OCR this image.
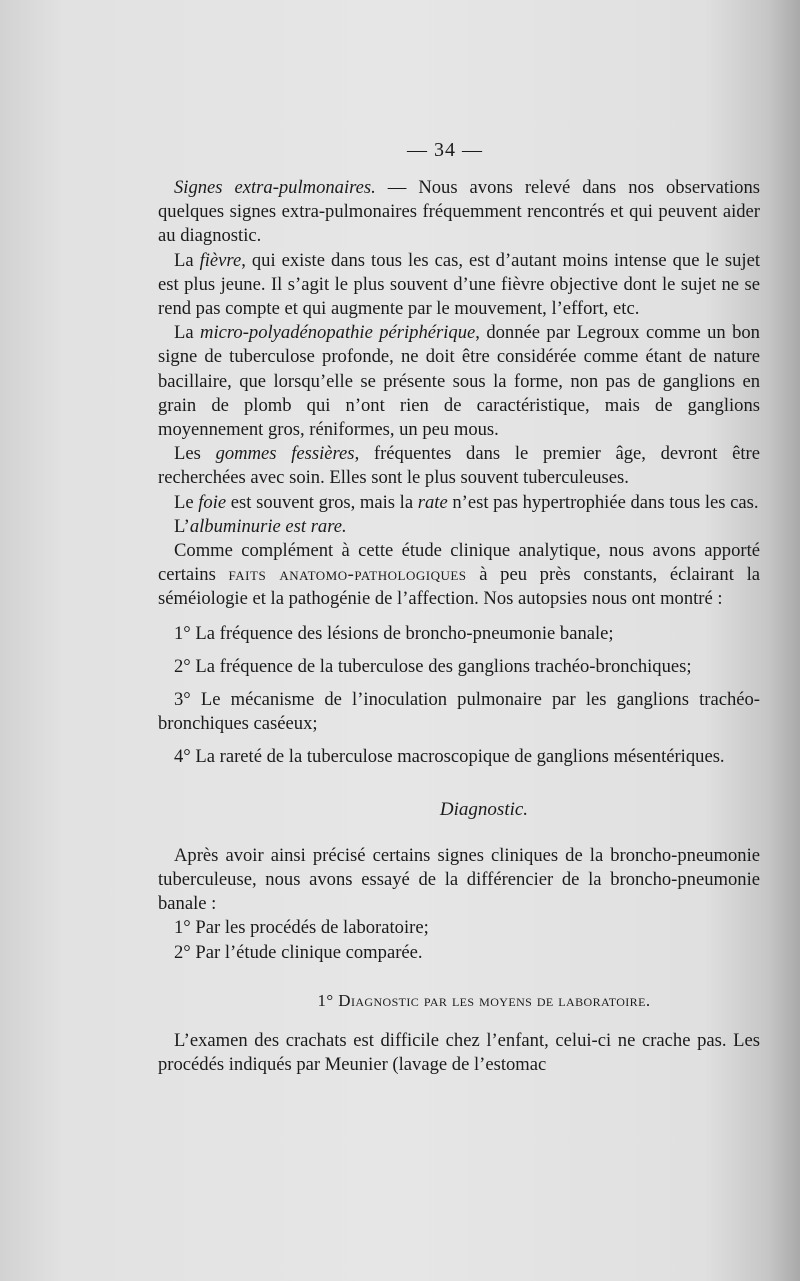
— 34 —

Signes extra-pulmonaires. — Nous avons relevé dans nos observations quelques signes extra-pulmonaires fréquemment rencontrés et qui peuvent aider au diagnostic.

La fièvre, qui existe dans tous les cas, est d’autant moins intense que le sujet est plus jeune. Il s’agit le plus souvent d’une fièvre objective dont le sujet ne se rend pas compte et qui augmente par le mouvement, l’effort, etc.

La micro-polyadénopathie périphérique, donnée par Legroux comme un bon signe de tuberculose profonde, ne doit être considérée comme étant de nature bacillaire, que lorsqu’elle se présente sous la forme, non pas de ganglions en grain de plomb qui n’ont rien de caractéristique, mais de ganglions moyennement gros, réniformes, un peu mous.

Les gommes fessières, fréquentes dans le premier âge, devront être recherchées avec soin. Elles sont le plus souvent tuberculeuses.

Le foie est souvent gros, mais la rate n’est pas hypertrophiée dans tous les cas.

L’albuminurie est rare.

Comme complément à cette étude clinique analytique, nous avons apporté certains faits anatomo-pathologiques à peu près constants, éclairant la séméiologie et la pathogénie de l’affection. Nos autopsies nous ont montré :

1° La fréquence des lésions de broncho-pneumonie banale;

2° La fréquence de la tuberculose des ganglions trachéo-bronchiques;

3° Le mécanisme de l’inoculation pulmonaire par les ganglions trachéo-bronchiques caséeux;

4° La rareté de la tuberculose macroscopique de ganglions mésentériques.

Diagnostic.

Après avoir ainsi précisé certains signes cliniques de la broncho-pneumonie tuberculeuse, nous avons essayé de la différencier de la broncho-pneumonie banale :

1° Par les procédés de laboratoire;

2° Par l’étude clinique comparée.

1° Diagnostic par les moyens de laboratoire.

L’examen des crachats est difficile chez l’enfant, celui-ci ne crache pas. Les procédés indiqués par Meunier (lavage de l’estomac
